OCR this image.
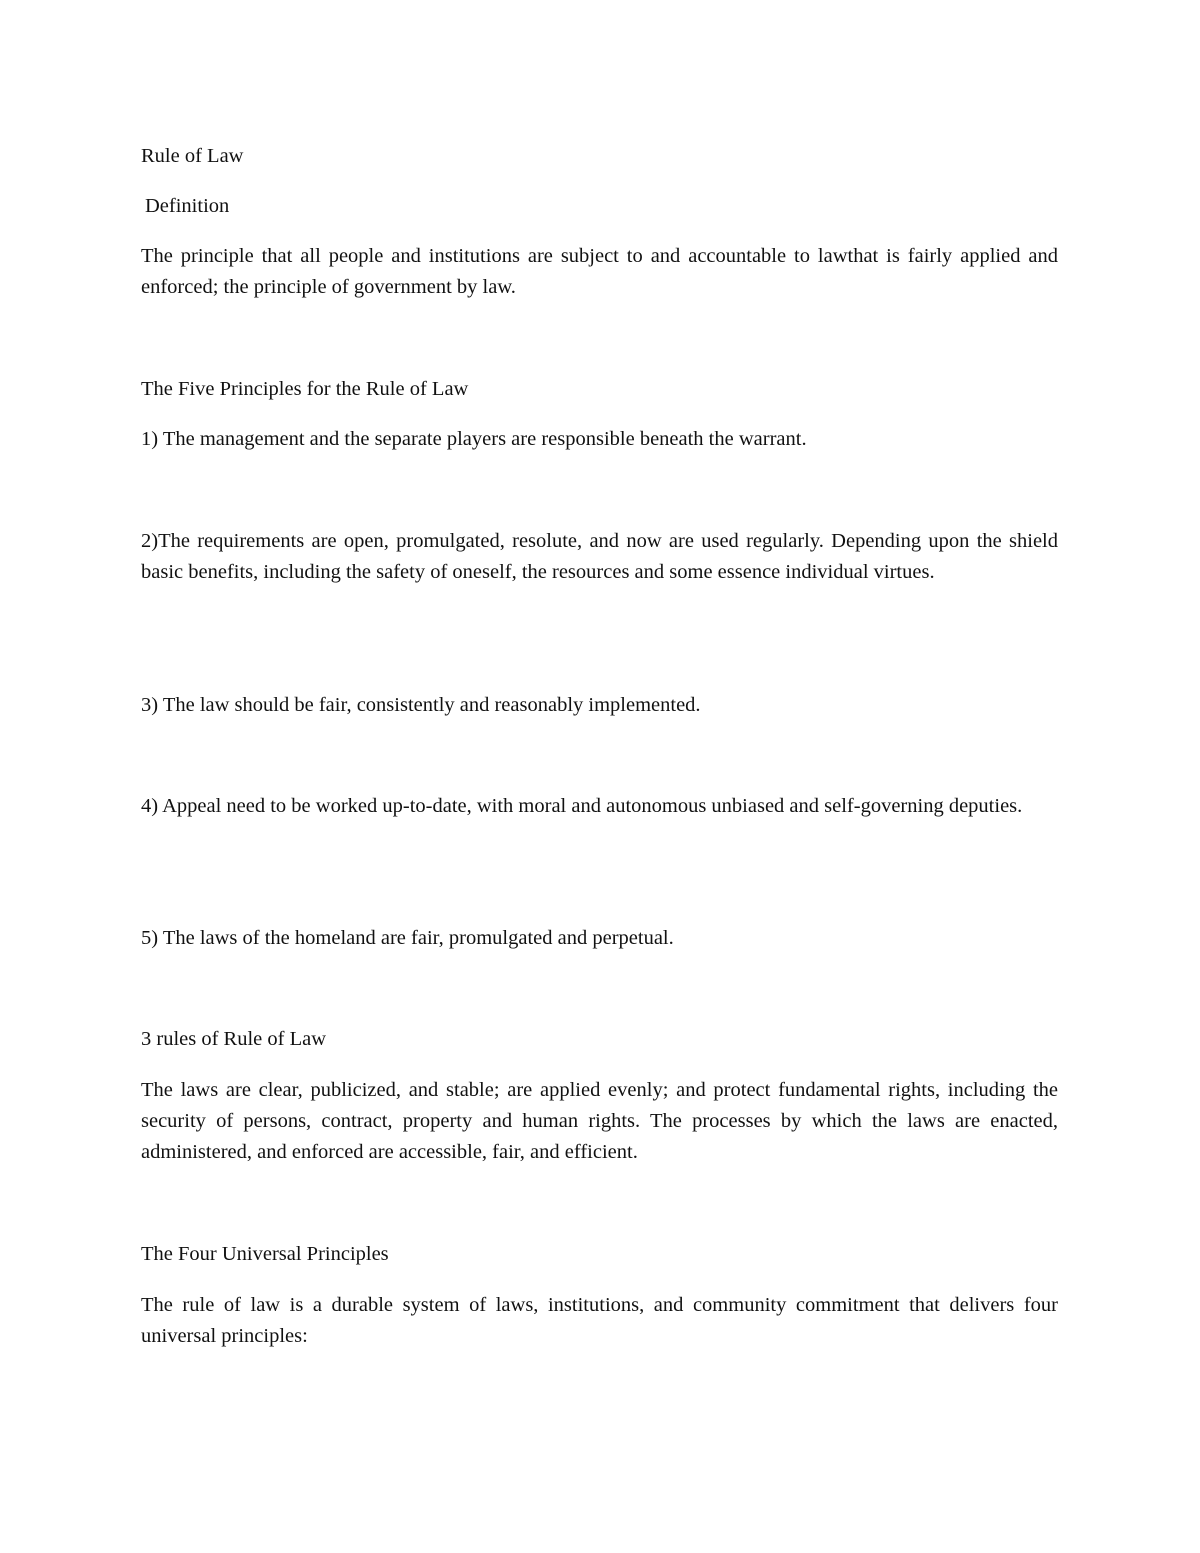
Rule of Law
Definition
The principle that all people and institutions are subject to and accountable to lawthat is fairly applied and enforced; the principle of government by law.
The Five Principles for the Rule of Law
1) The management and the separate players are responsible beneath the warrant.
2)The requirements are open, promulgated, resolute, and now are used regularly. Depending upon the shield basic benefits, including the safety of oneself, the resources and some essence individual virtues.
3) The law should be fair, consistently and reasonably implemented.
4) Appeal need to be worked up-to-date, with moral and autonomous unbiased and self-governing deputies.
5) The laws of the homeland are fair, promulgated and perpetual.
3 rules of Rule of Law
The laws are clear, publicized, and stable; are applied evenly; and protect fundamental rights, including the security of persons, contract, property and human rights. The processes by which the laws are enacted, administered, and enforced are accessible, fair, and efficient.
The Four Universal Principles
The rule of law is a durable system of laws, institutions, and community commitment that delivers four universal principles:
